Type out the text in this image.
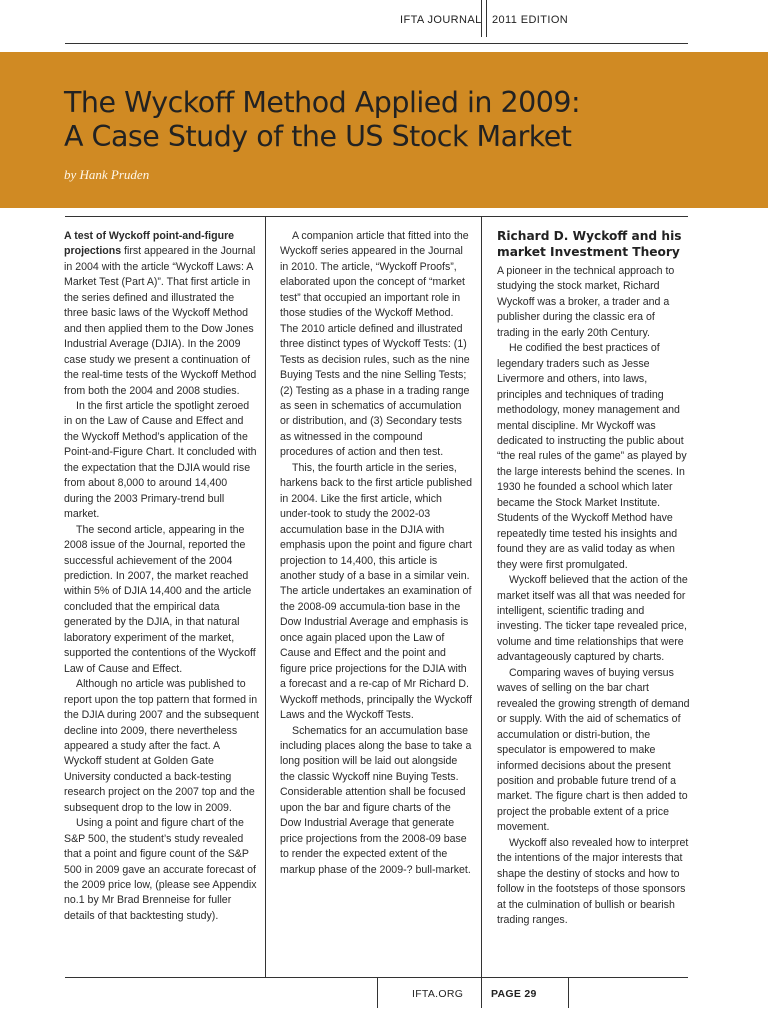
IFTA JOURNAL 2011 EDITION
The Wyckoff Method Applied in 2009:
A Case Study of the US Stock Market
by Hank Pruden

A test of Wyckoff point-and-figure projections first appeared in the Journal in 2004 with the article “Wyckoff Laws: A Market Test (Part A)”. That first article in the series defined and illustrated the three basic laws of the Wyckoff Method and then applied them to the Dow Jones Industrial Average (DJIA). In the 2009 case study we present a continuation of the real-time tests of the Wyckoff Method from both the 2004 and 2008 studies.

In the first article the spotlight zeroed in on the Law of Cause and Effect and the Wyckoff Method’s application of the Point-and-Figure Chart. It concluded with the expectation that the DJIA would rise from about 8,000 to around 14,400 during the 2003 Primary-trend bull market.

The second article, appearing in the 2008 issue of the Journal, reported the successful achievement of the 2004 prediction. In 2007, the market reached within 5% of DJIA 14,400 and the article concluded that the empirical data generated by the DJIA, in that natural laboratory experiment of the market, supported the contentions of the Wyckoff Law of Cause and Effect.

Although no article was published to report upon the top pattern that formed in the DJIA during 2007 and the subsequent decline into 2009, there nevertheless appeared a study after the fact. A Wyckoff student at Golden Gate University conducted a back-testing research project on the 2007 top and the subsequent drop to the low in 2009.

Using a point and figure chart of the S&P 500, the student’s study revealed that a point and figure count of the S&P 500 in 2009 gave an accurate forecast of the 2009 price low, (please see Appendix no.1 by Mr Brad Brenneise for fuller details of that backtesting study).

A companion article that fitted into the Wyckoff series appeared in the Journal in 2010. The article, “Wyckoff Proofs”, elaborated upon the concept of “market test” that occupied an important role in those studies of the Wyckoff Method. The 2010 article defined and illustrated three distinct types of Wyckoff Tests: (1) Tests as decision rules, such as the nine Buying Tests and the nine Selling Tests; (2) Testing as a phase in a trading range as seen in schematics of accumulation or distribution, and (3) Secondary tests as witnessed in the compound procedures of action and then test.

This, the fourth article in the series, harkens back to the first article published in 2004. Like the first article, which under-took to study the 2002-03 accumulation base in the DJIA with emphasis upon the point and figure chart projection to 14,400, this article is another study of a base in a similar vein. The article undertakes an examination of the 2008-09 accumula-tion base in the Dow Industrial Average and emphasis is once again placed upon the Law of Cause and Effect and the point and figure price projections for the DJIA with a forecast and a re-cap of Mr Richard D. Wyckoff methods, principally the Wyckoff Laws and the Wyckoff Tests.

Schematics for an accumulation base including places along the base to take a long position will be laid out alongside the classic Wyckoff nine Buying Tests. Considerable attention shall be focused upon the bar and figure charts of the Dow Industrial Average that generate price projections from the 2008-09 base to render the expected extent of the markup phase of the 2009-? bull-market.

Richard D. Wyckoff and his market Investment Theory

A pioneer in the technical approach to studying the stock market, Richard Wyckoff was a broker, a trader and a publisher during the classic era of trading in the early 20th Century.

He codified the best practices of legendary traders such as Jesse Livermore and others, into laws, principles and techniques of trading methodology, money management and mental discipline. Mr Wyckoff was dedicated to instructing the public about “the real rules of the game” as played by the large interests behind the scenes. In 1930 he founded a school which later became the Stock Market Institute. Students of the Wyckoff Method have repeatedly time tested his insights and found they are as valid today as when they were first promulgated.

Wyckoff believed that the action of the market itself was all that was needed for intelligent, scientific trading and investing. The ticker tape revealed price, volume and time relationships that were advantageously captured by charts.

Comparing waves of buying versus waves of selling on the bar chart revealed the growing strength of demand or supply. With the aid of schematics of accumulation or distri-bution, the speculator is empowered to make informed decisions about the present position and probable future trend of a market. The figure chart is then added to project the probable extent of a price movement.

Wyckoff also revealed how to interpret the intentions of the major interests that shape the destiny of stocks and how to follow in the footsteps of those sponsors at the culmination of bullish or bearish trading ranges.

IFTA.ORG	PAGE 29
